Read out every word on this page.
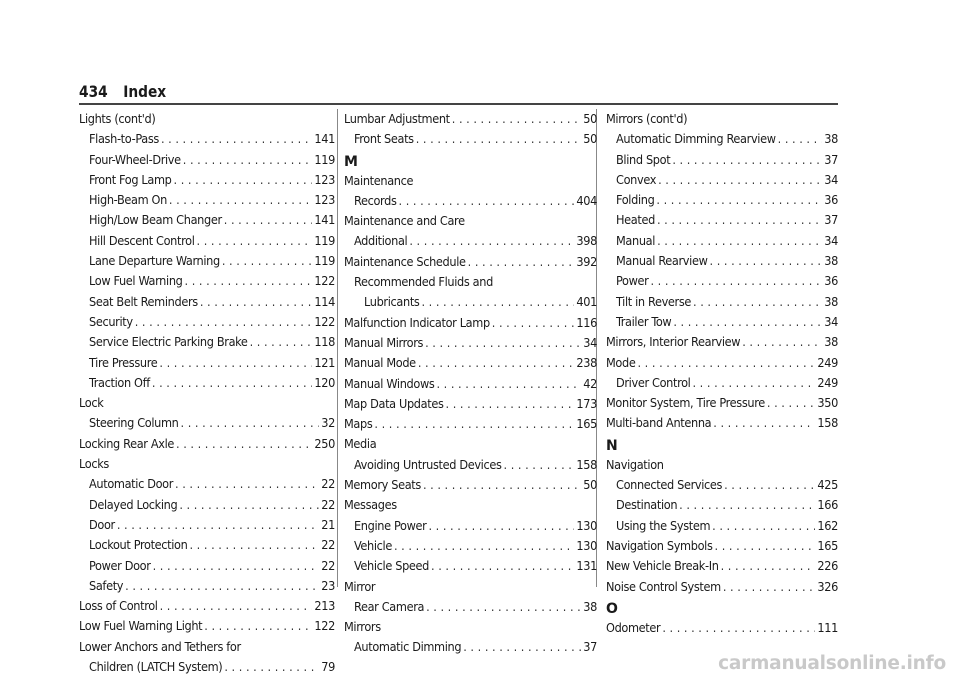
434 Index
Lights (cont'd)
Flash-to-Pass . . .	141
Four-Wheel-Drive . . .	119
Front Fog Lamp . . .	123
High-Beam On . . .	123
High/Low Beam Changer . . .	141
Hill Descent Control . . .	119
Lane Departure Warning . . .	119
Low Fuel Warning . . .	122
Seat Belt Reminders . . .	114
Security . . .	122
Service Electric Parking Brake . . .	118
Tire Pressure . . .	121
Traction Off . . .	120
Lock
Steering Column . . .	32
Locking Rear Axle . . .	250
Locks
Automatic Door . . .	22
Delayed Locking . . .	22
Door . . .	21
Lockout Protection . . .	22
Power Door . . .	22
Safety . . .	23
Loss of Control . . .	213
Low Fuel Warning Light . . .	122
Lower Anchors and Tethers for
Children (LATCH System) . . .	79
Lumbar Adjustment . . .	50
Front Seats . . .	50
M
Maintenance
Records . . .	404
Maintenance and Care
Additional . . .	398
Maintenance Schedule . . .	392
Recommended Fluids and
Lubricants . . .	401
Malfunction Indicator Lamp . . .	116
Manual Mirrors . . .	34
Manual Mode . . .	238
Manual Windows . . .	42
Map Data Updates . . .	173
Maps . . .	165
Media
Avoiding Untrusted Devices . . .	158
Memory Seats . . .	50
Messages
Engine Power . . .	130
Vehicle . . .	130
Vehicle Speed . . .	131
Mirror
Rear Camera . . .	38
Mirrors
Automatic Dimming . . .	37
Mirrors (cont'd)
Automatic Dimming Rearview . . .	38
Blind Spot . . .	37
Convex . . .	34
Folding . . .	36
Heated . . .	37
Manual . . .	34
Manual Rearview . . .	38
Power . . .	36
Tilt in Reverse . . .	38
Trailer Tow . . .	34
Mirrors, Interior Rearview . . .	38
Mode . . .	249
Driver Control . . .	249
Monitor System, Tire Pressure . . .	350
Multi-band Antenna . . .	158
N
Navigation
Connected Services . . .	425
Destination . . .	166
Using the System . . .	162
Navigation Symbols . . .	165
New Vehicle Break-In . . .	226
Noise Control System . . .	326
O
Odometer . . .	111
carmanualsonline.info
